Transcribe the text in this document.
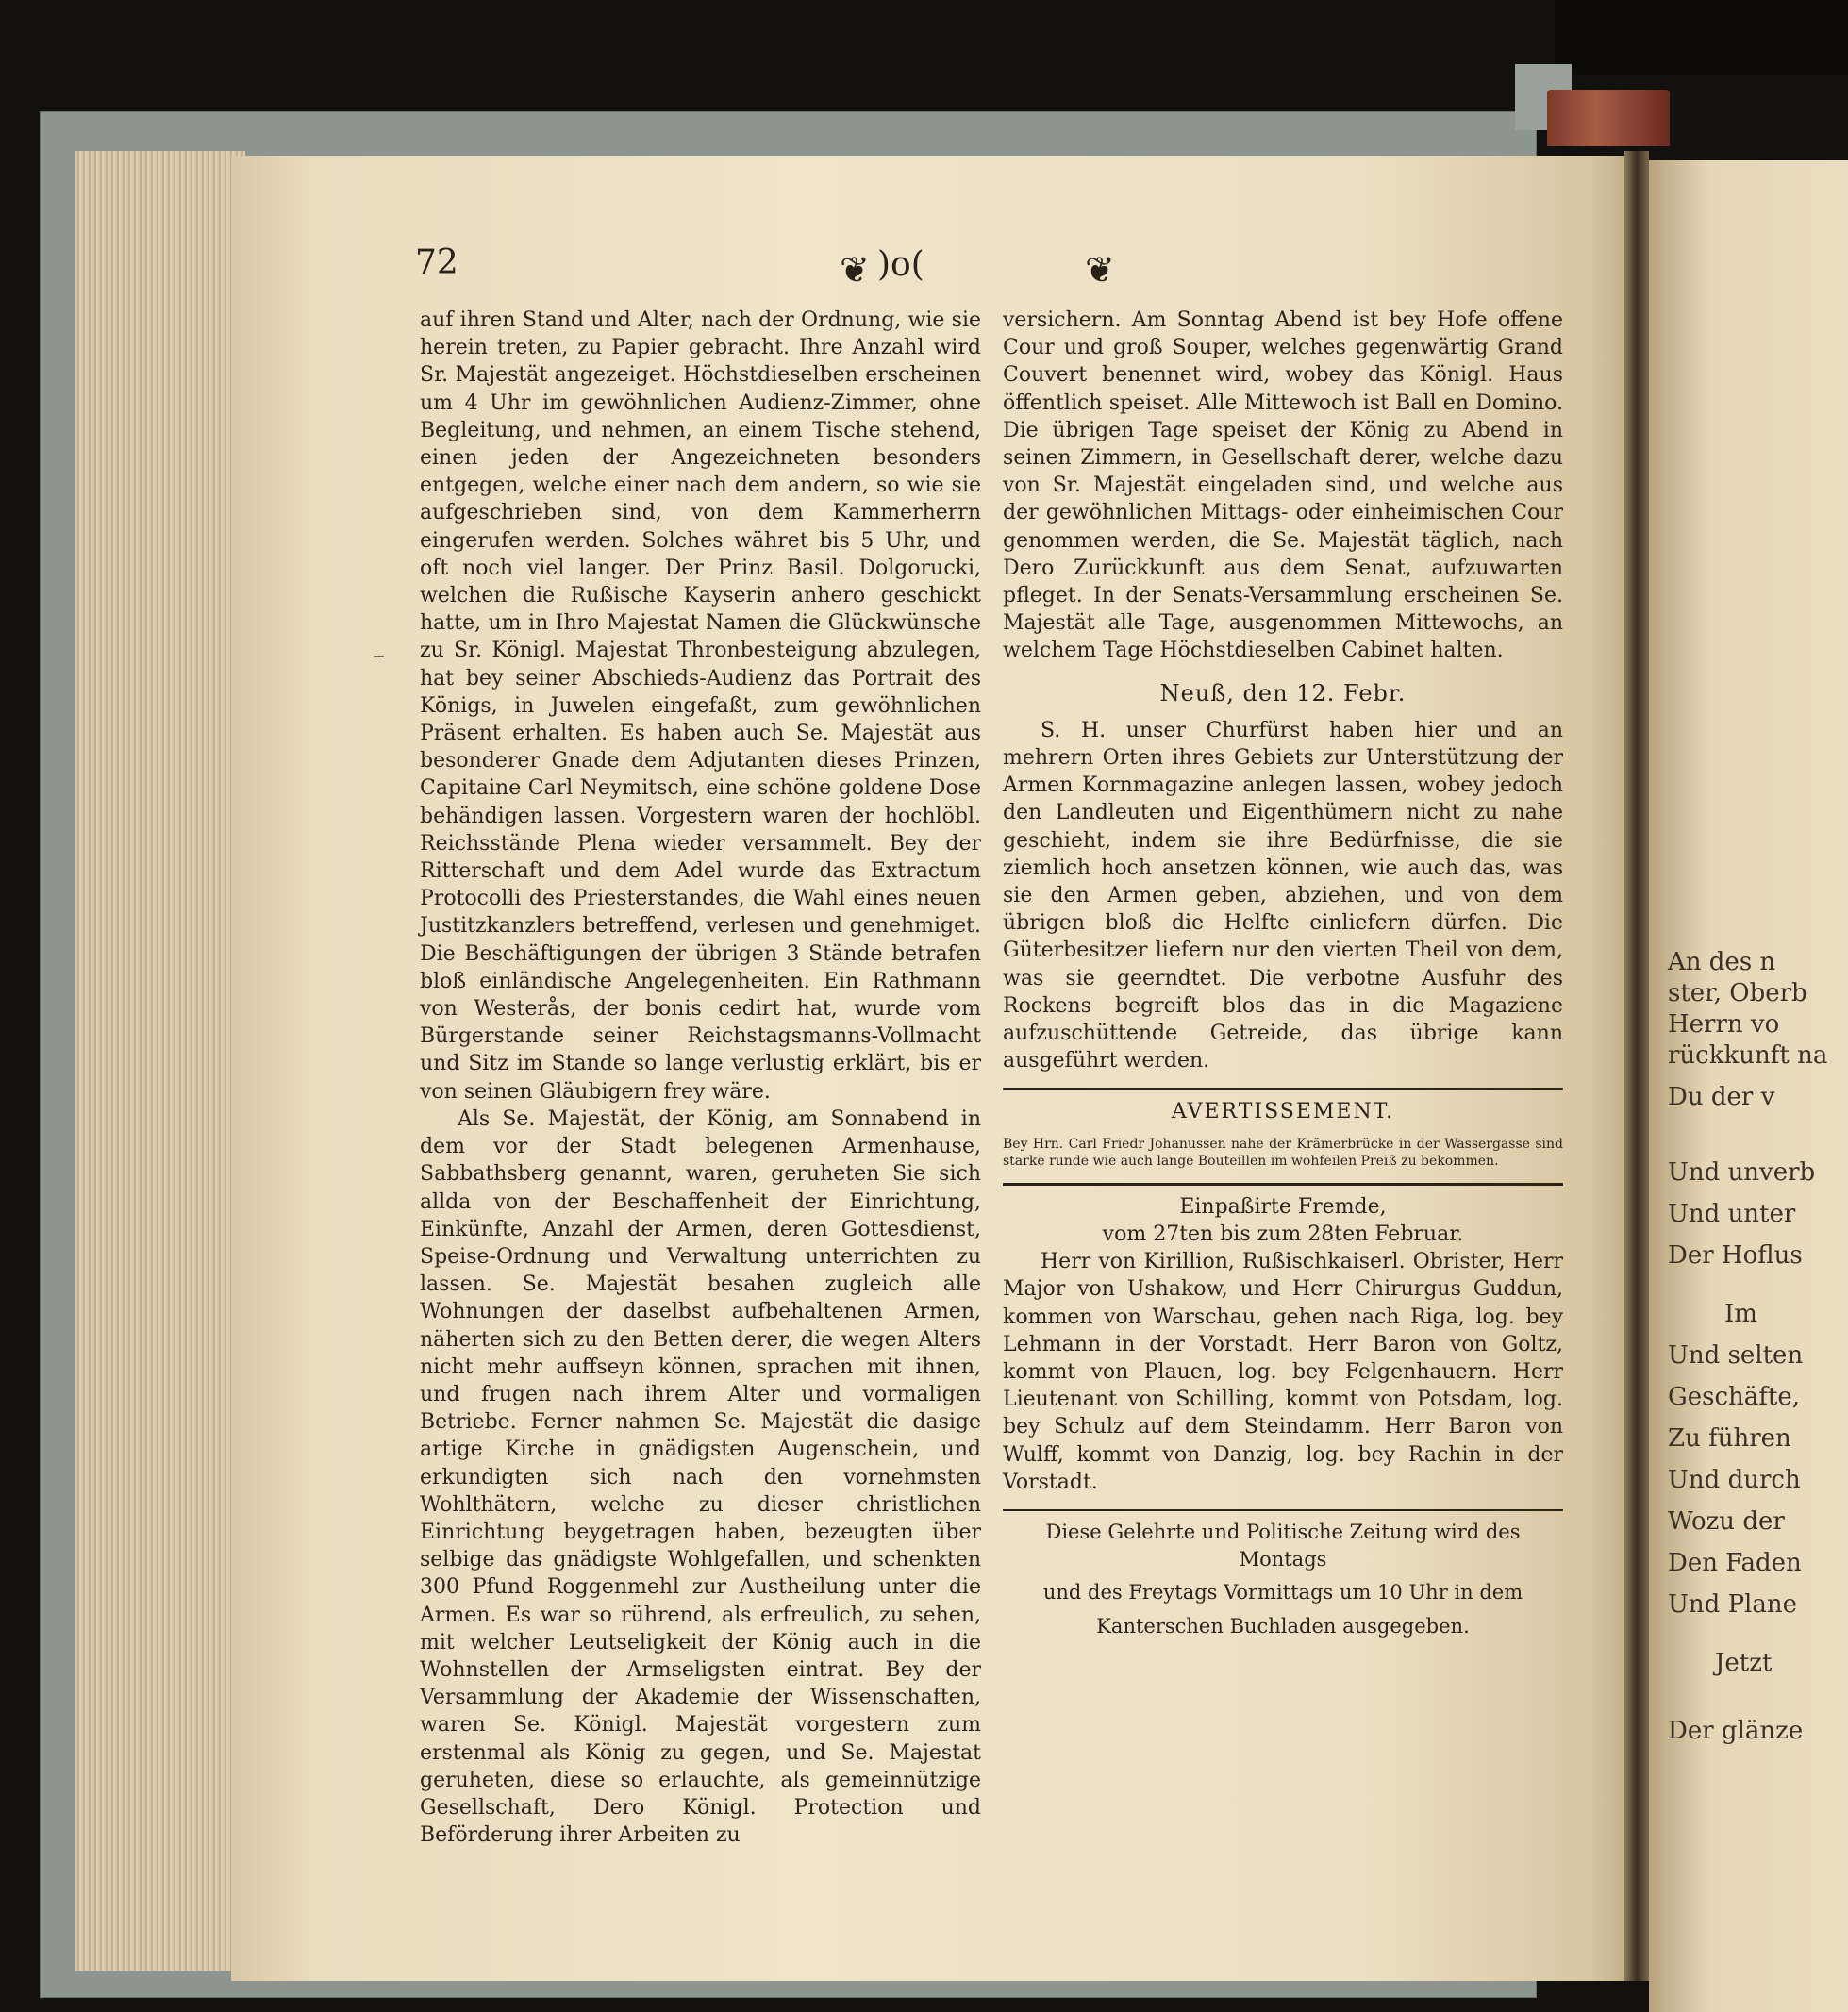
An des n
ster, Oberb
Herrn vo
rückkunft na
Du der v
Und unverb
Und unter
Der Hoflus
Im
Und selten
Geschäfte,
Zu führen
Und durch
Wozu der
Den Faden
Und Plane
Jetzt
Der glänze
72	❦ )o(	❦
–

auf ihren Stand und Alter, nach der Ordnung, wie sie herein treten, zu Papier gebracht. Ihre Anzahl wird Sr. Majestät angezeiget. Höchstdieselben erscheinen um 4 Uhr im gewöhnlichen Audienz-Zimmer, ohne Begleitung, und nehmen, an einem Tische stehend, einen jeden der Angezeichneten besonders entgegen, welche einer nach dem andern, so wie sie aufgeschrieben sind, von dem Kammerherrn eingerufen werden. Solches währet bis 5 Uhr, und oft noch viel langer. Der Prinz Basil. Dolgorucki, welchen die Rußische Kayserin anhero geschickt hatte, um in Ihro Majestat Namen die Glückwünsche zu Sr. Königl. Majestat Thronbesteigung abzulegen, hat bey seiner Abschieds-Audienz das Portrait des Königs, in Juwelen eingefaßt, zum gewöhnlichen Präsent erhalten. Es haben auch Se. Majestät aus besonderer Gnade dem Adjutanten dieses Prinzen, Capitaine Carl Neymitsch, eine schöne goldene Dose behändigen lassen. Vorgestern waren der hochlöbl. Reichsstände Plena wieder versammelt. Bey der Ritterschaft und dem Adel wurde das Extractum Protocolli des Priesterstandes, die Wahl eines neuen Justitzkanzlers betreffend, verlesen und genehmiget. Die Beschäftigungen der übrigen 3 Stände betrafen bloß einländische Angelegenheiten. Ein Rathmann von Westerås, der bonis cedirt hat, wurde vom Bürgerstande seiner Reichstagsmanns-Vollmacht und Sitz im Stande so lange verlustig erklärt, bis er von seinen Gläubigern frey wäre.

Als Se. Majestät, der König, am Sonnabend in dem vor der Stadt belegenen Armenhause, Sabbathsberg genannt, waren, geruheten Sie sich allda von der Beschaffenheit der Einrichtung, Einkünfte, Anzahl der Armen, deren Gottesdienst, Speise-Ordnung und Verwaltung unterrichten zu lassen. Se. Majestät besahen zugleich alle Wohnungen der daselbst aufbehaltenen Armen, näherten sich zu den Betten derer, die wegen Alters nicht mehr auffseyn können, sprachen mit ihnen, und frugen nach ihrem Alter und vormaligen Betriebe. Ferner nahmen Se. Majestät die dasige artige Kirche in gnädigsten Augenschein, und erkundigten sich nach den vornehmsten Wohlthätern, welche zu dieser christlichen Einrichtung beygetragen haben, bezeugten über selbige das gnädigste Wohlgefallen, und schenkten 300 Pfund Roggenmehl zur Austheilung unter die Armen. Es war so rührend, als erfreulich, zu sehen, mit welcher Leutseligkeit der König auch in die Wohnstellen der Armseligsten eintrat. Bey der Versammlung der Akademie der Wissenschaften, waren Se. Königl. Majestät vorgestern zum erstenmal als König zu gegen, und Se. Majestat geruheten, diese so erlauchte, als gemeinnützige Gesellschaft, Dero Königl. Protection und Beförderung ihrer Arbeiten zu

versichern. Am Sonntag Abend ist bey Hofe offene Cour und groß Souper, welches gegenwärtig Grand Couvert benennet wird, wobey das Königl. Haus öffentlich speiset. Alle Mittewoch ist Ball en Domino. Die übrigen Tage speiset der König zu Abend in seinen Zimmern, in Gesellschaft derer, welche dazu von Sr. Majestät eingeladen sind, und welche aus der gewöhnlichen Mittags- oder einheimischen Cour genommen werden, die Se. Majestät täglich, nach Dero Zurückkunft aus dem Senat, aufzuwarten pfleget. In der Senats-Versammlung erscheinen Se. Majestät alle Tage, ausgenommen Mittewochs, an welchem Tage Höchstdieselben Cabinet halten.

Neuß, den 12. Febr.

S. H. unser Churfürst haben hier und an mehrern Orten ihres Gebiets zur Unterstützung der Armen Kornmagazine anlegen lassen, wobey jedoch den Landleuten und Eigenthümern nicht zu nahe geschieht, indem sie ihre Bedürfnisse, die sie ziemlich hoch ansetzen können, wie auch das, was sie den Armen geben, abziehen, und von dem übrigen bloß die Helfte einliefern dürfen. Die Güterbesitzer liefern nur den vierten Theil von dem, was sie geerndtet. Die verbotne Ausfuhr des Rockens begreift blos das in die Magaziene aufzuschüttende Getreide, das übrige kann ausgeführt werden.

AVERTISSEMENT.

Bey Hrn. Carl Friedr Johanussen nahe der Krämerbrücke in der Wassergasse sind starke runde wie auch lange Bouteillen im wohfeilen Preiß zu bekommen.

Einpaßirte Fremde,
vom 27ten bis zum 28ten Februar.

Herr von Kirillion, Rußischkaiserl. Obrister, Herr Major von Ushakow, und Herr Chirurgus Guddun, kommen von Warschau, gehen nach Riga, log. bey Lehmann in der Vorstadt. Herr Baron von Goltz, kommt von Plauen, log. bey Felgenhauern. Herr Lieutenant von Schilling, kommt von Potsdam, log. bey Schulz auf dem Steindamm. Herr Baron von Wulff, kommt von Danzig, log. bey Rachin in der Vorstadt.

Diese Gelehrte und Politische Zeitung wird des Montags

und des Freytags Vormittags um 10 Uhr in dem

Kanterschen Buchladen ausgegeben.
